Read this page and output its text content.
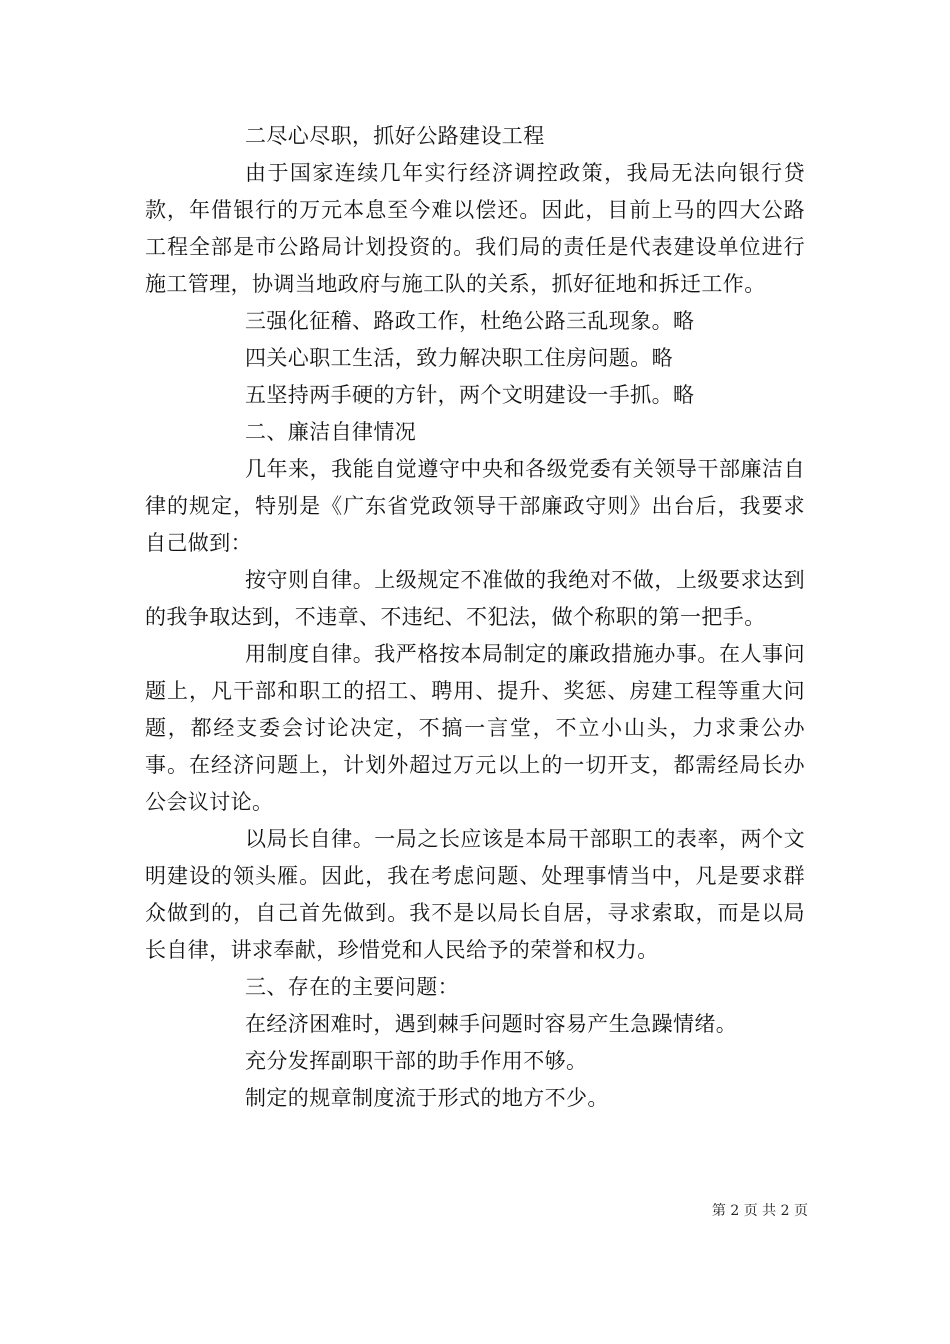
二尽心尽职，抓好公路建设工程

由于国家连续几年实行经济调控政策，我局无法向银行贷款，年借银行的万元本息至今难以偿还。因此，目前上马的四大公路工程全部是市公路局计划投资的。我们局的责任是代表建设单位进行施工管理，协调当地政府与施工队的关系，抓好征地和拆迁工作。

三强化征稽、路政工作，杜绝公路三乱现象。略

四关心职工生活，致力解决职工住房问题。略

五坚持两手硬的方针，两个文明建设一手抓。略

二、廉洁自律情况

几年来，我能自觉遵守中央和各级党委有关领导干部廉洁自律的规定，特别是《广东省党政领导干部廉政守则》出台后，我要求自己做到：

按守则自律。上级规定不准做的我绝对不做，上级要求达到的我争取达到，不违章、不违纪、不犯法，做个称职的第一把手。

用制度自律。我严格按本局制定的廉政措施办事。在人事问题上，凡干部和职工的招工、聘用、提升、奖惩、房建工程等重大问题，都经支委会讨论决定，不搞一言堂，不立小山头，力求秉公办事。在经济问题上，计划外超过万元以上的一切开支，都需经局长办公会议讨论。

以局长自律。一局之长应该是本局干部职工的表率，两个文明建设的领头雁。因此，我在考虑问题、处理事情当中，凡是要求群众做到的，自己首先做到。我不是以局长自居，寻求索取，而是以局长自律，讲求奉献，珍惜党和人民给予的荣誉和权力。

三、存在的主要问题：

在经济困难时，遇到棘手问题时容易产生急躁情绪。

充分发挥副职干部的助手作用不够。

制定的规章制度流于形式的地方不少。

第 2 页 共 2 页
